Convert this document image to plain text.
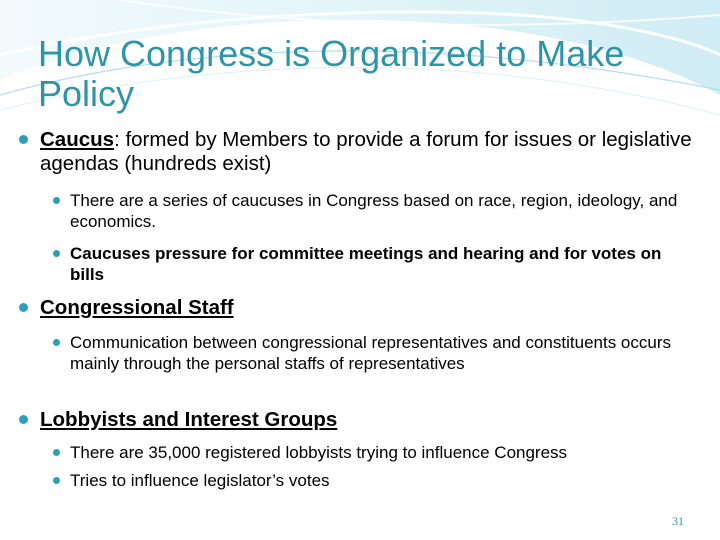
How Congress is Organized to Make Policy
Caucus: formed by Members to provide a forum for issues or legislative agendas (hundreds exist)
There are a series of caucuses in Congress based on race, region, ideology, and economics.
Caucuses pressure for committee meetings and hearing and for votes on bills
Congressional Staff
Communication between congressional representatives and constituents occurs mainly through the personal staffs of representatives
Lobbyists and Interest Groups
There are 35,000 registered lobbyists trying to influence Congress
Tries to influence legislator’s votes
31
